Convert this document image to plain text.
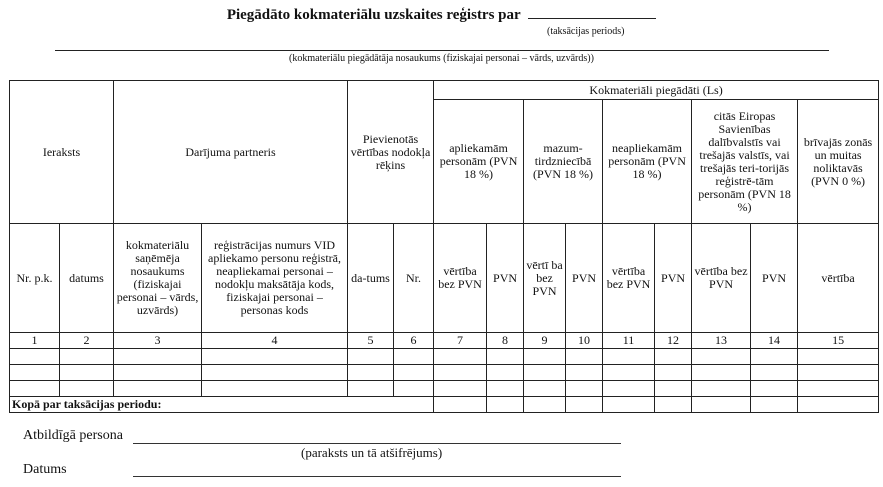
Piegādāto kokmateriālu uzskaites reģistrs par
(taksācijas periods)
(kokmateriālu piegādātāja nosaukums (fiziskajai personai – vārds, uzvārds))
Ieraksts		Darījuma partneris		Pievienotās vērtības nodokļa rēķins		Kokmateriāli piegādāti (Ls)								
						apliekamām personām (PVN 18 %)		mazum-tirdzniecībā (PVN 18 %)		neapliekamām personām (PVN 18 %)		citās Eiropas Savienības dalībvalstīs vai trešajās valstīs, vai trešajās teri-torijās reģistrē-tām personām (PVN 18 %)		brīvajās zonās un muitas noliktavās (PVN 0 %)
Nr. p.k.	datums	kokmateriālu saņēmēja nosaukums (fiziskajai personai – vārds, uzvārds)	reģistrācijas numurs VID apliekamo personu reģistrā, neapliekamai personai – nodokļu maksātāja kods, fiziskajai personai – personas kods	da-tums	Nr.	vērtība bez PVN	PVN	vērtī ba bez PVN	PVN	vērtība bez PVN	PVN	vērtība bez PVN	PVN	vērtība
1	2	3	4	5	6	7	8	9	10	11	12	13	14	15

Kopā par taksācijas periodu:														
Atbildīgā persona
(paraksts un tā atšifrējums)
Datums
